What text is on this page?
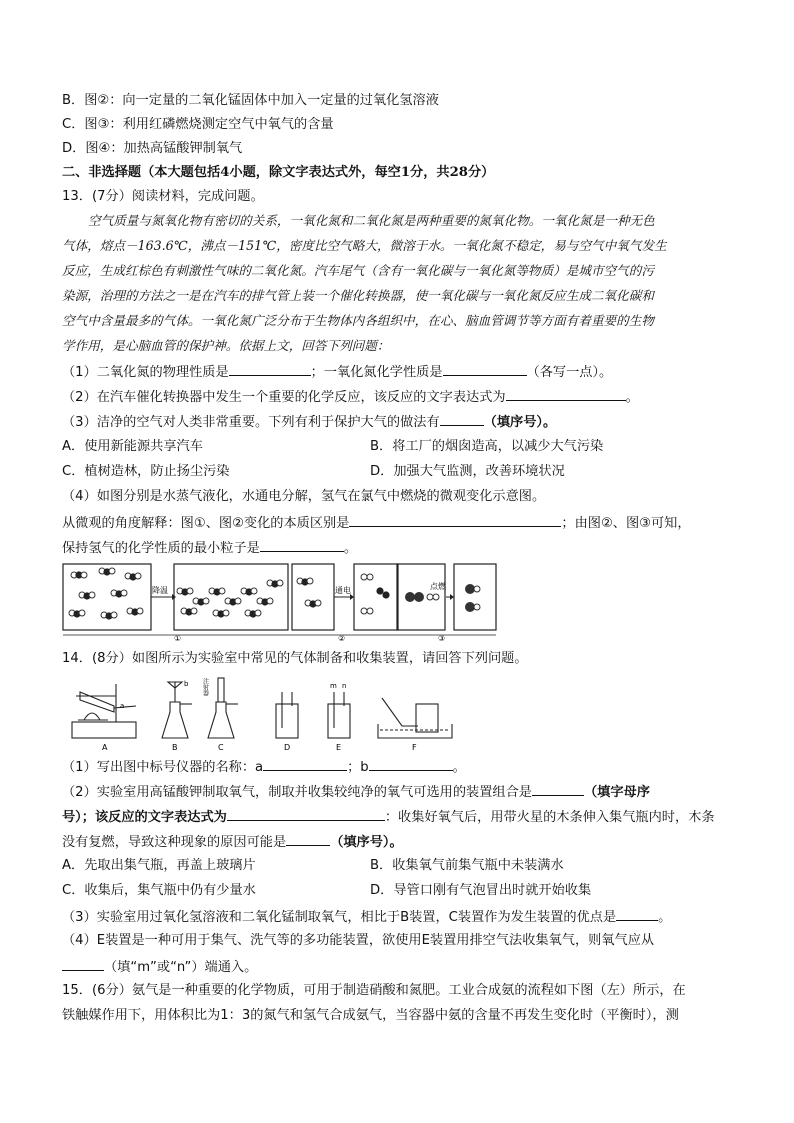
B．图②：向一定量的二氧化锰固体中加入一定量的过氧化氢溶液
C．图③：利用红磷燃烧测定空气中氧气的含量
D．图④：加热高锰酸钾制氧气
二、非选择题（本大题包括4小题，除文字表达式外，每空1分，共28分）
13．(7分）阅读材料，完成问题。
空气质量与氮氧化物有密切的关系，一氧化氮和二氧化氮是两种重要的氮氧化物。一氧化氮是一种无色
气体，熔点－163.6℃，沸点－151℃，密度比空气略大，微溶于水。一氧化氮不稳定，易与空气中氧气发生
反应，生成红棕色有刺激性气味的二氧化氮。汽车尾气（含有一氧化碳与一氧化氮等物质）是城市空气的污
染源，治理的方法之一是在汽车的排气管上装一个催化转换器，使一氧化碳与一氧化氮反应生成二氧化碳和
空气中含量最多的气体。一氧化氮广泛分布于生物体内各组织中，在心、脑血管调节等方面有着重要的生物
学作用，是心脑血管的保护神。依据上文，回答下列问题：
（1）二氧化氮的物理性质是	；一氧化氮化学性质是	（各写一点）。
（2）在汽车催化转换器中发生一个重要的化学反应，该反应的文字表达式为	。
（3）洁净的空气对人类非常重要。下列有利于保护大气的做法有	（填序号）。
A．使用新能源共享汽车	B．将工厂的烟囱造高，以减少大气污染
C．植树造林，防止扬尘污染	D．加强大气监测，改善环境状况
（4）如图分别是水蒸气液化，水通电分解，氢气在氯气中燃烧的微观变化示意图。
从微观的角度解释：图①、图②变化的本质区别是	；由图②、图③可知，
保持氢气的化学性质的最小粒子是	。
降温	通电	点燃
①	②	③
14．(8分）如图所示为实验室中常见的气体制备和收集装置，请回答下列问题。
A	B	C	D	E	F
a
b	m n
注射器
（1）写出图中标号仪器的名称：a	；b	。
（2）实验室用高锰酸钾制取氧气，制取并收集较纯净的氧气可选用的装置组合是	（填字母序
号）；该反应的文字表达式为	：收集好氧气后，用带火星的木条伸入集气瓶内时，木条
没有复燃，导致这种现象的原因可能是	（填序号）。
A．先取出集气瓶，再盖上玻璃片	B．收集氧气前集气瓶中未装满水
C．收集后，集气瓶中仍有少量水	D．导管口刚有气泡冒出时就开始收集
（3）实验室用过氧化氢溶液和二氧化锰制取氧气，相比于B装置，C装置作为发生装置的优点是	。
（4）E装置是一种可用于集气、洗气等的多功能装置，欲使用E装置用排空气法收集氧气，则氧气应从
（填“m”或“n”）端通入。
15．(6分）氨气是一种重要的化学物质，可用于制造硝酸和氮肥。工业合成氨的流程如下图（左）所示，在
铁触媒作用下，用体积比为1：3的氮气和氢气合成氨气，当容器中氨的含量不再发生变化时（平衡时），测
